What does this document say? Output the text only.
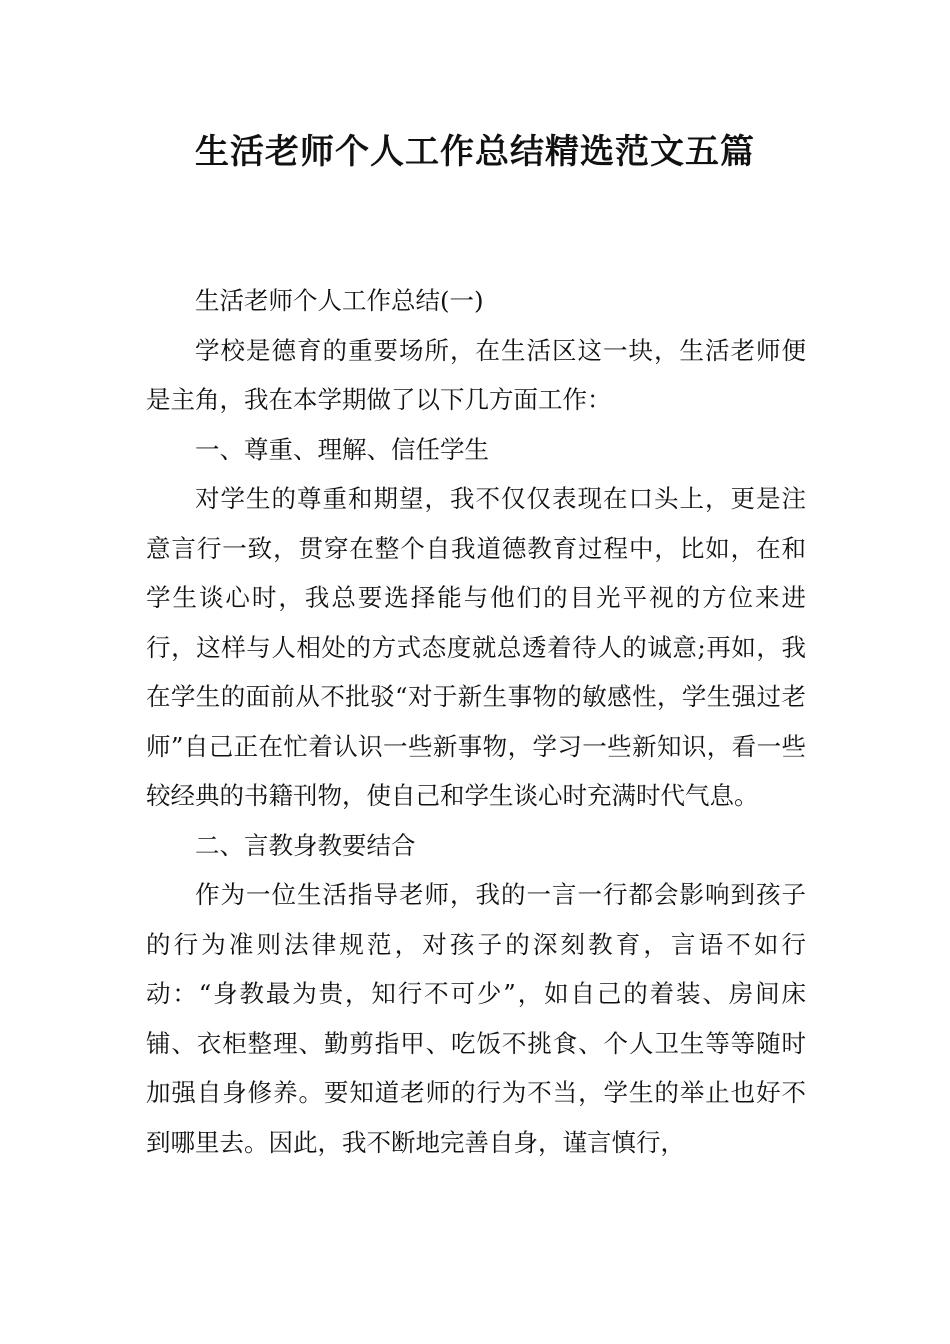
生活老师个人工作总结精选范文五篇

生活老师个人工作总结(一)

学校是德育的重要场所，在生活区这一块，生活老师便是主角，我在本学期做了以下几方面工作：

一、尊重、理解、信任学生

对学生的尊重和期望，我不仅仅表现在口头上，更是注意言行一致，贯穿在整个自我道德教育过程中，比如，在和学生谈心时，我总要选择能与他们的目光平视的方位来进行，这样与人相处的方式态度就总透着待人的诚意;再如，我在学生的面前从不批驳“对于新生事物的敏感性，学生强过老师”自己正在忙着认识一些新事物，学习一些新知识，看一些较经典的书籍刊物，使自己和学生谈心时充满时代气息。

二、言教身教要结合

作为一位生活指导老师，我的一言一行都会影响到孩子的行为准则法律规范，对孩子的深刻教育，言语不如行动：“身教最为贵，知行不可少”，如自己的着装、房间床铺、衣柜整理、勤剪指甲、吃饭不挑食、个人卫生等等随时加强自身修养。要知道老师的行为不当，学生的举止也好不到哪里去。因此，我不断地完善自身，谨言慎行，
